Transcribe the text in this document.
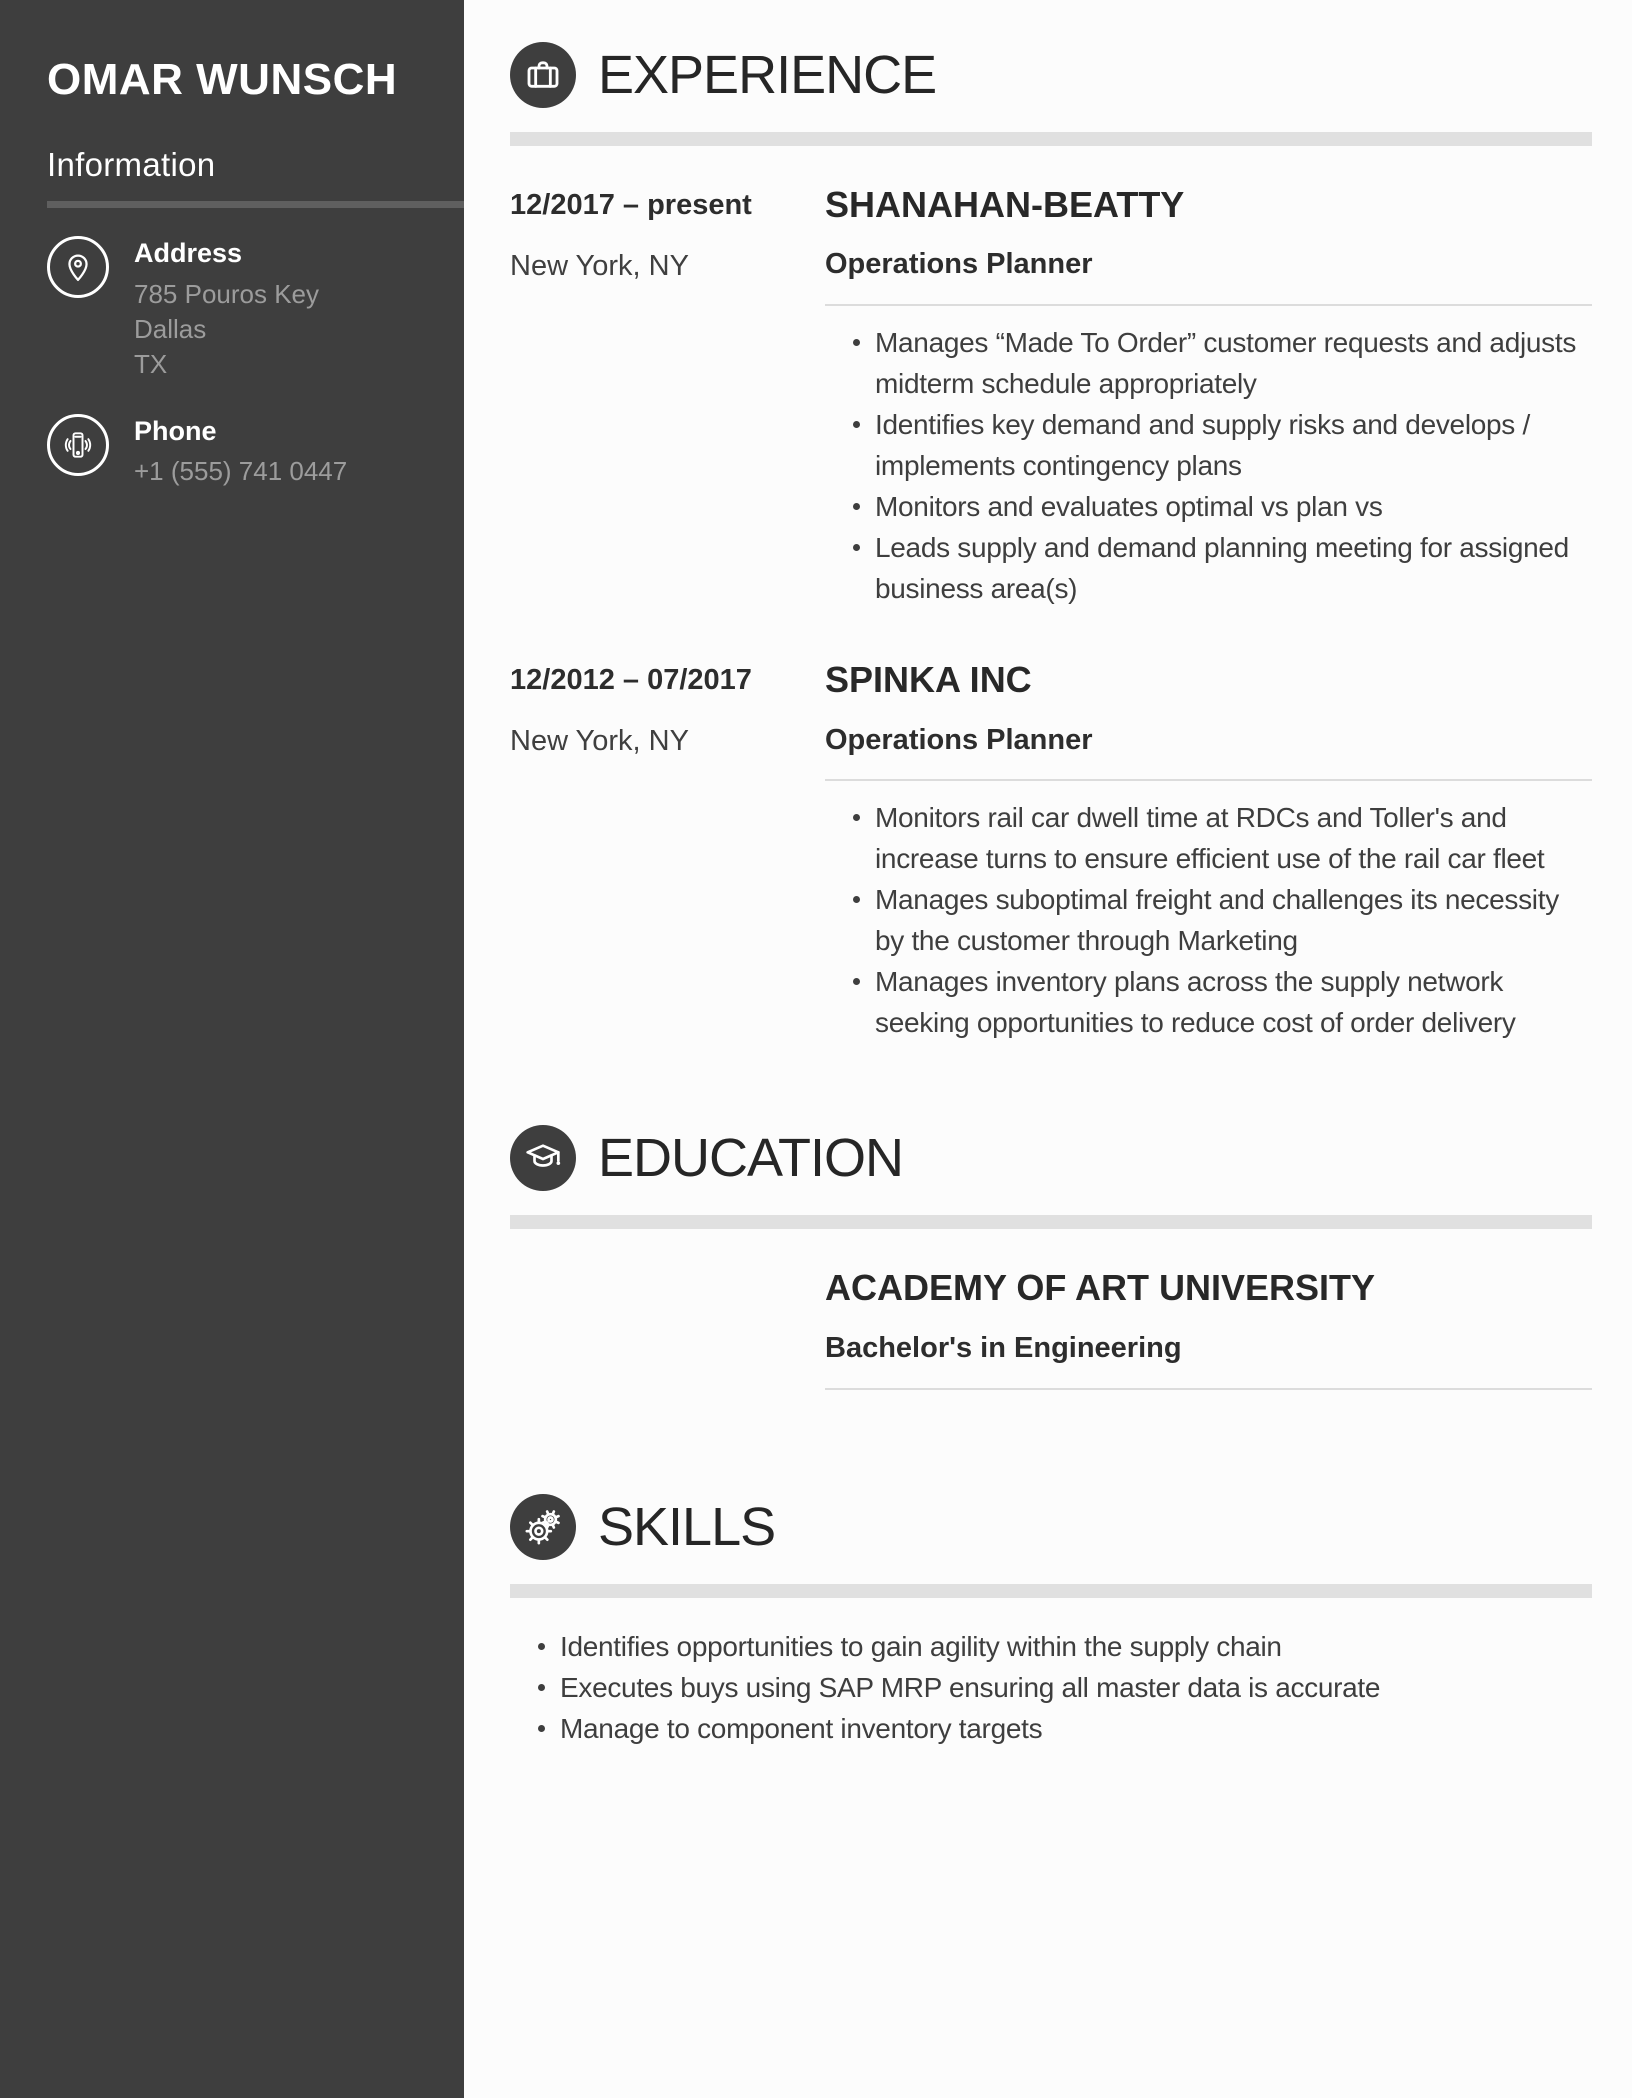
OMAR WUNSCH
Information
Address
785 Pouros Key
Dallas
TX
Phone
+1 (555) 741 0447
EXPERIENCE
12/2017 – present
New York, NY
SHANAHAN-BEATTY
Operations Planner
Manages “Made To Order” customer requests and adjusts midterm schedule appropriately
Identifies key demand and supply risks and develops / implements contingency plans
Monitors and evaluates optimal vs plan vs
Leads supply and demand planning meeting for assigned business area(s)
12/2012 – 07/2017
New York, NY
SPINKA INC
Operations Planner
Monitors rail car dwell time at RDCs and Toller's and increase turns to ensure efficient use of the rail car fleet
Manages suboptimal freight and challenges its necessity by the customer through Marketing
Manages inventory plans across the supply network seeking opportunities to reduce cost of order delivery
EDUCATION
ACADEMY OF ART UNIVERSITY
Bachelor's in Engineering
SKILLS
Identifies opportunities to gain agility within the supply chain
Executes buys using SAP MRP ensuring all master data is accurate
Manage to component inventory targets
